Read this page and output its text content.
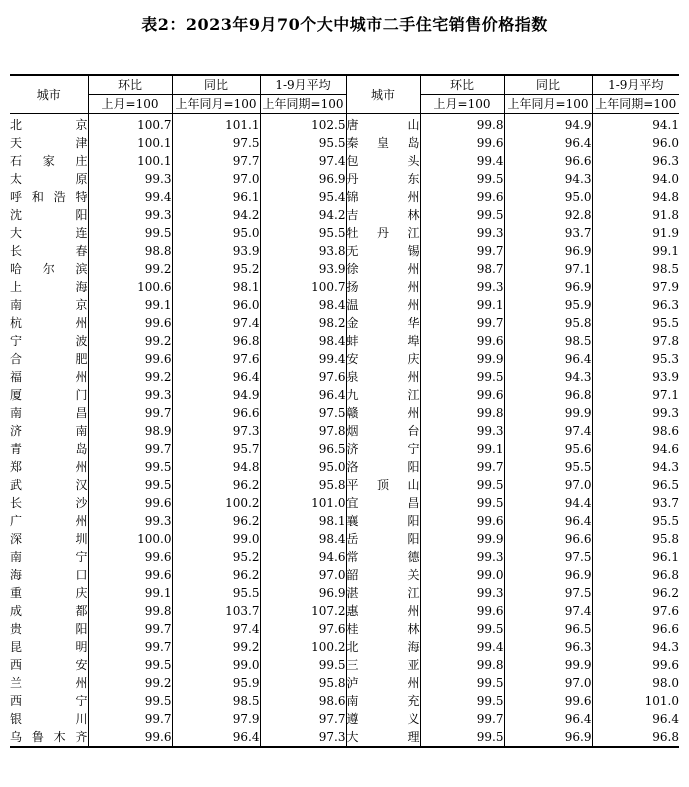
表2：2023年9月70个大中城市二手住宅销售价格指数
城市	环比	同比	1-9月平均	城市	环比	同比	1-9月平均
	上月=100	上年同月=100	上年同期=100		上月=100	上年同月=100	上年同期=100
北京	100.7	101.1	102.5	唐山	99.8	94.9	94.1
天津	100.1	97.5	95.5	秦皇岛	99.6	96.4	96.0
石家庄	100.1	97.7	97.4	包头	99.4	96.6	96.3
太原	99.3	97.0	96.9	丹东	99.5	94.3	94.0
呼和浩特	99.4	96.1	95.4	锦州	99.6	95.0	94.8
沈阳	99.3	94.2	94.2	吉林	99.5	92.8	91.8
大连	99.5	95.0	95.5	牡丹江	99.3	93.7	91.9
长春	98.8	93.9	93.8	无锡	99.7	96.9	99.1
哈尔滨	99.2	95.2	93.9	徐州	98.7	97.1	98.5
上海	100.6	98.1	100.7	扬州	99.3	96.9	97.9
南京	99.1	96.0	98.4	温州	99.1	95.9	96.3
杭州	99.6	97.4	98.2	金华	99.7	95.8	95.5
宁波	99.2	96.8	98.4	蚌埠	99.6	98.5	97.8
合肥	99.6	97.6	99.4	安庆	99.9	96.4	95.3
福州	99.2	96.4	97.6	泉州	99.5	94.3	93.9
厦门	99.3	94.9	96.4	九江	99.6	96.8	97.1
南昌	99.7	96.6	97.5	赣州	99.8	99.9	99.3
济南	98.9	97.3	97.8	烟台	99.3	97.4	98.6
青岛	99.7	95.7	96.5	济宁	99.1	95.6	94.6
郑州	99.5	94.8	95.0	洛阳	99.7	95.5	94.3
武汉	99.5	96.2	95.8	平顶山	99.5	97.0	96.5
长沙	99.6	100.2	101.0	宜昌	99.5	94.4	93.7
广州	99.3	96.2	98.1	襄阳	99.6	96.4	95.5
深圳	100.0	99.0	98.4	岳阳	99.9	96.6	95.8
南宁	99.6	95.2	94.6	常德	99.3	97.5	96.1
海口	99.6	96.2	97.0	韶关	99.0	96.9	96.8
重庆	99.1	95.5	96.9	湛江	99.3	97.5	96.2
成都	99.8	103.7	107.2	惠州	99.6	97.4	97.6
贵阳	99.7	97.4	97.6	桂林	99.5	96.5	96.6
昆明	99.7	99.2	100.2	北海	99.4	96.3	94.3
西安	99.5	99.0	99.5	三亚	99.8	99.9	99.6
兰州	99.2	95.9	95.8	泸州	99.5	97.0	98.0
西宁	99.5	98.5	98.6	南充	99.5	99.6	101.0
银川	99.7	97.9	97.7	遵义	99.7	96.4	96.4
乌鲁木齐	99.6	96.4	97.3	大理	99.5	96.9	96.8
